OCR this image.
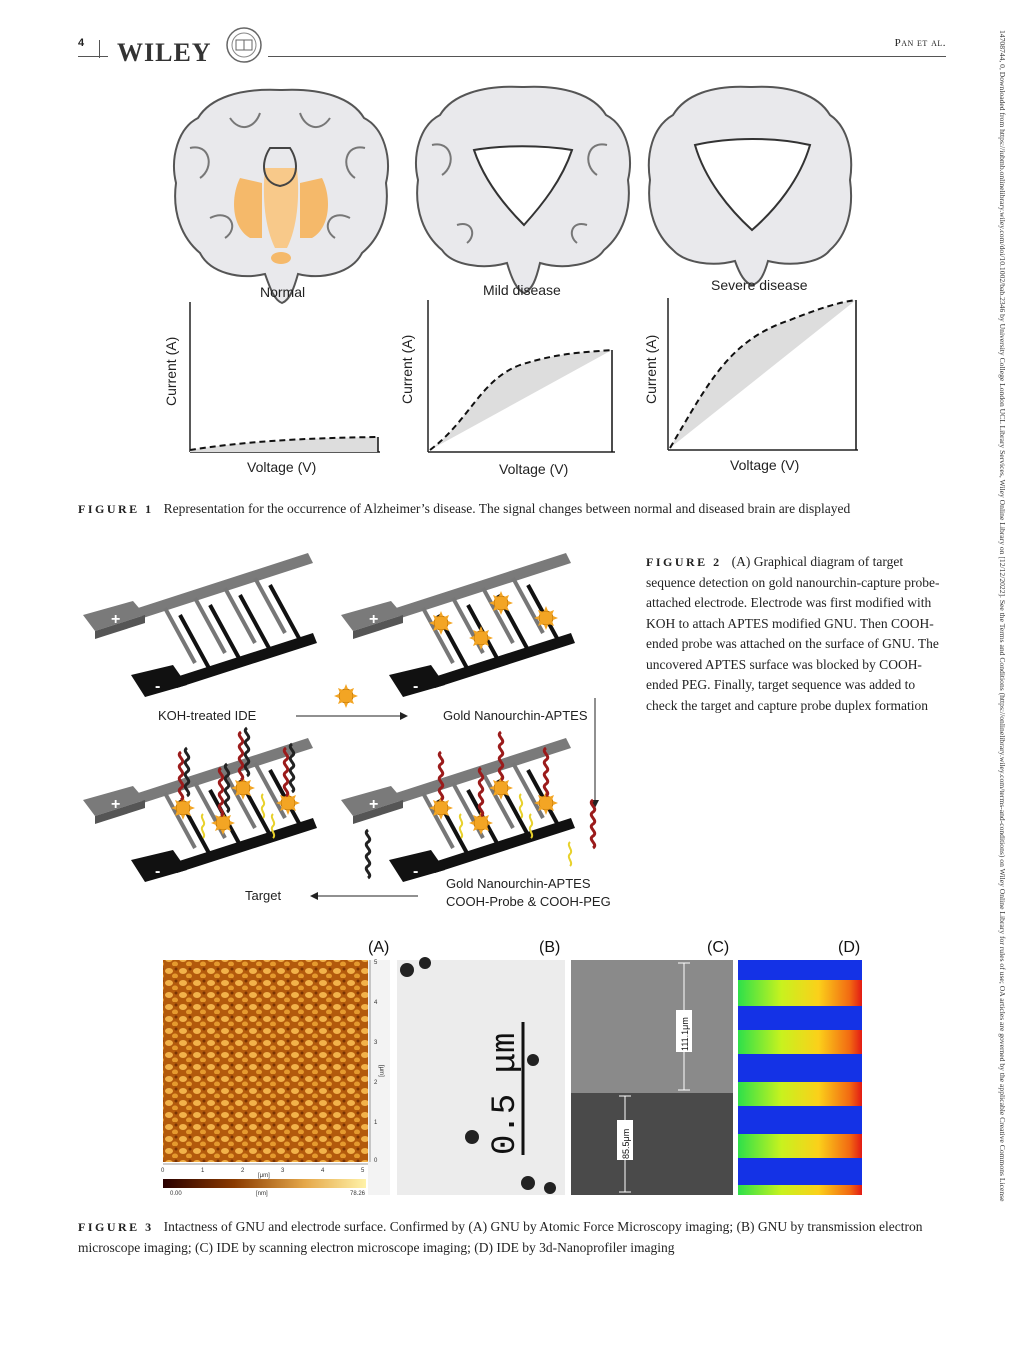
4 WILEY	Pan et al.	14708744, 0, Downloaded from https://iubmb.onlinelibrary.wiley.com/doi/10.1002/bab.2346 by University College London UCL Library Services, Wiley Online Library on [12/12/2022]. See the Terms and Conditions (https://onlinelibrary.wiley.com/terms-and-conditions) on Wiley Online Library for rules of use; OA articles are governed by the applicable Creative Commons License
Normal	Mild disease	Severe disease
Current (A)
Voltage (V)
Current (A)
Voltage (V)
Current (A)
Voltage (V)
FIGURE 1 Representation for the occurrence of Alzheimer’s disease. The signal changes between normal and diseased brain are displayed
KOH-treated IDE	Gold Nanourchin-APTES
Target
Gold Nanourchin-APTES
COOH-Probe & COOH-PEG
FIGURE 2 (A) Graphical diagram of target sequence detection on gold nanourchin-capture probe-attached electrode. Electrode was first modified with KOH to attach APTES modified GNU. Then COOH-ended probe was attached on the surface of GNU. The uncovered APTES surface was blocked by COOH-ended PEG. Finally, target sequence was added to check the target and capture probe duplex formation
(A)	(B)	(C)	(D)
0	1	2	3	4	5
[μm]
5
4
3
2
1
0
[μm]
0.00	[nm]	78.26
0.5 μm	111.1μm
85.5μm
FIGURE 3 Intactness of GNU and electrode surface. Confirmed by (A) GNU by Atomic Force Microscopy imaging; (B) GNU by transmission electron microscope imaging; (C) IDE by scanning electron microscope imaging; (D) IDE by 3d-Nanoprofiler imaging
